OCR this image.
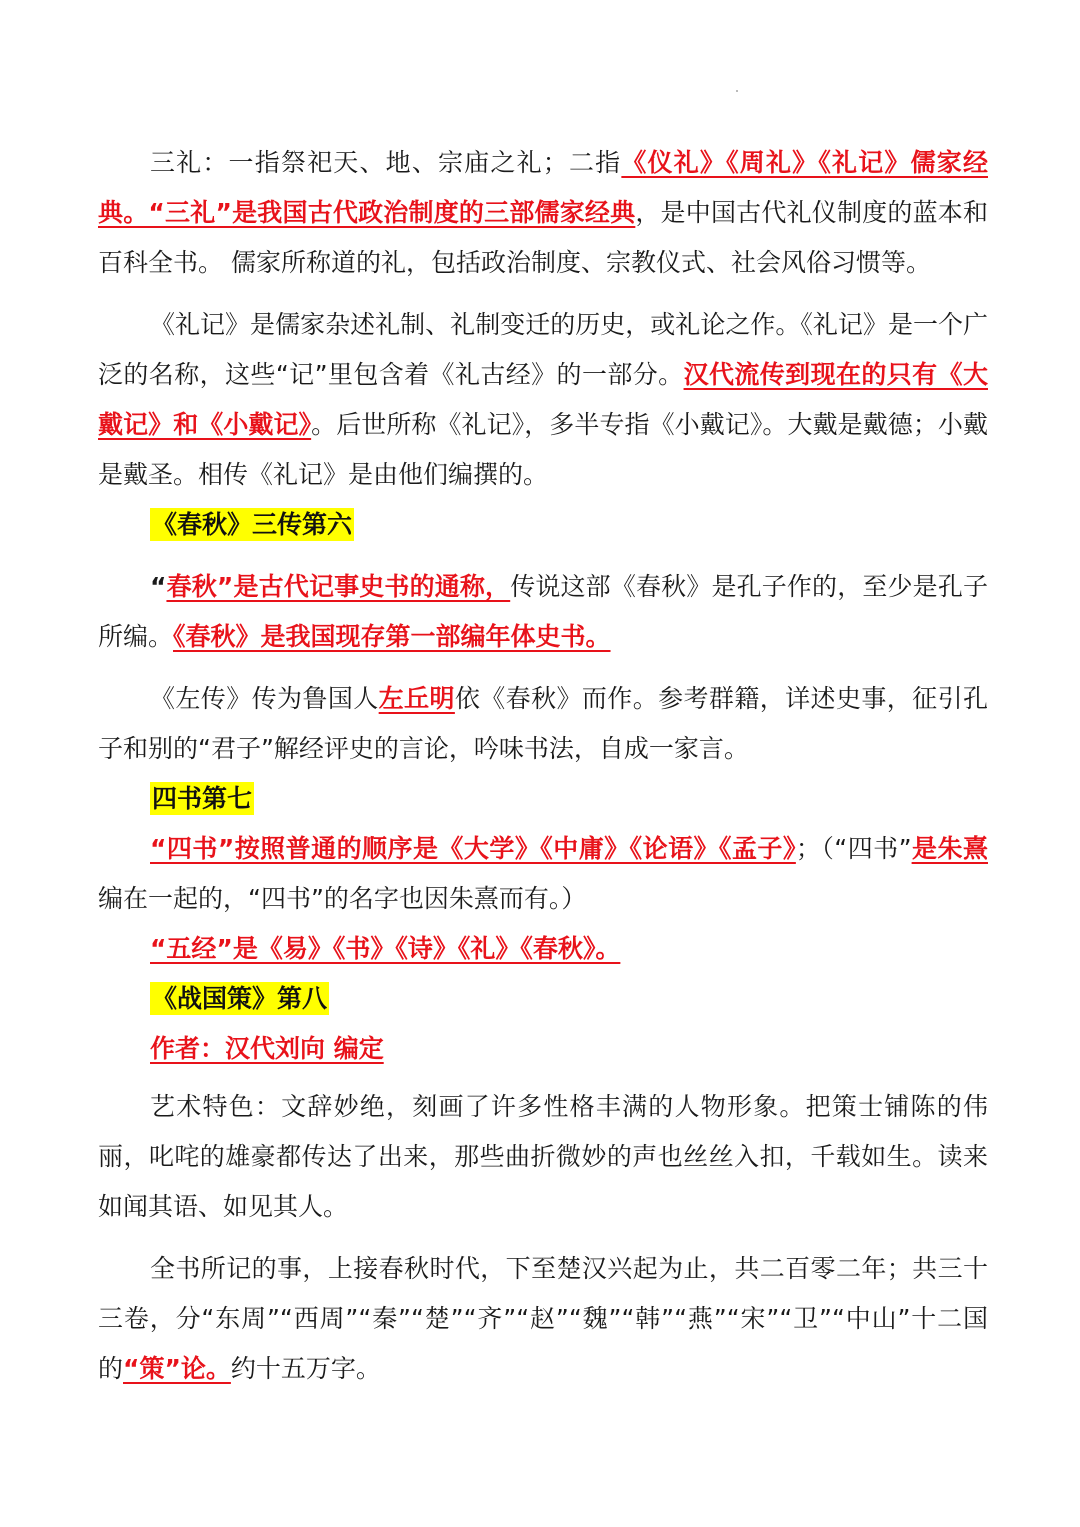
三礼：一指祭祀天、地、宗庙之礼；二指《仪礼》《周礼》《礼记》儒家经典。“三礼”是我国古代政治制度的三部儒家经典，是中国古代礼仪制度的蓝本和百科全书。 儒家所称道的礼，包括政治制度、宗教仪式、社会风俗习惯等。

《礼记》是儒家杂述礼制、礼制变迁的历史，或礼论之作。《礼记》是一个广泛的名称，这些“记”里包含着《礼古经》的一部分。汉代流传到现在的只有《大戴记》和《小戴记》。后世所称《礼记》，多半专指《小戴记》。大戴是戴德；小戴是戴圣。相传《礼记》是由他们编撰的。

《春秋》三传第六

“春秋”是古代记事史书的通称，传说这部《春秋》是孔子作的，至少是孔子所编。《春秋》是我国现存第一部编年体史书。

《左传》传为鲁国人左丘明依《春秋》而作。参考群籍，详述史事，征引孔子和别的“君子”解经评史的言论，吟味书法，自成一家言。

四书第七

“四书”按照普通的顺序是《大学》《中庸》《论语》《孟子》；（“四书”是朱熹编在一起的，“四书”的名字也因朱熹而有。）

“五经”是《易》《书》《诗》《礼》《春秋》。

《战国策》第八

作者：汉代刘向 编定

艺术特色：文辞妙绝，刻画了许多性格丰满的人物形象。把策士铺陈的伟丽，叱咤的雄豪都传达了出来，那些曲折微妙的声也丝丝入扣，千载如生。读来如闻其语、如见其人。

全书所记的事，上接春秋时代，下至楚汉兴起为止，共二百零二年；共三十三卷，分“东周”“西周”“秦”“楚”“齐”“赵”“魏”“韩”“燕”“宋”“卫”“中山”十二国的“策”论。约十五万字。
